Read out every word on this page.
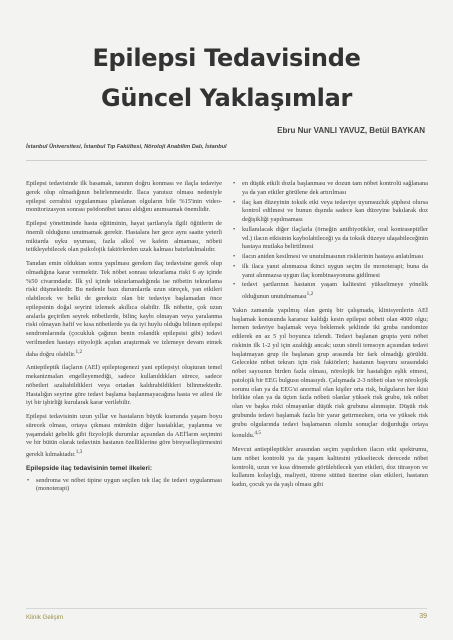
Epilepsi Tedavisinde
Güncel Yaklaşımlar
Ebru Nur VANLI YAVUZ, Betül BAYKAN
İstanbul Üniversitesi, İstanbul Tıp Fakültesi, Nöroloji Anabilim Dalı, İstanbul

Epilepsi tedavisinde ilk basamak, tanının doğru konması ve ilaçla tedaviye gerek olup olmadığının belirlenmesidir. İlaca yanıtsız olması nedeniyle epilepsi cerrahisi uygulanması planlanan olguların bile %15'inin video-monitorizasyon sonrası psödonöbet tanısı aldığını anımsamak önemlidir.

Epilepsi yönetiminde hasta eğitiminin, hayat şartlarıyla ilgili öğütlerin de önemli olduğunu unutmamak gerekir. Hastalara her gece aynı saatte yeterli miktarda uyku uyuması, fazla alkol ve kafein almaması, nöbeti tetikleyebilecek olan psikolojik faktörlerden uzak kalması batırlatılmalıdır.

Tanıdan emin olduktan sonra yapılması gereken ilaç tedavisine gerek olup olmadığına karar vermektir. Tek nöbet sonrası tekrarlama riski 6 ay içinde %50 civarındadır. İlk yıl içinde tekrarlamadığında ise nöbetin tekrarlama riski düşmektedir. Bu nedenle bazı durumlarda uzun süreçek, yan etkileri olabilecek ve belki de gereksiz olan bir tedaviye başlamadan önce epilepsinin doğal seyrini izlemek akıllıca olabilir. İlk nöbette, çok uzun aralarla geçirilen seyrek nöbetlerde, bilinç kaybı olmayan veya yaralanma riski olmayan hafif ve kısa nöbetlerde ya da iyi huylu olduğu bilinen epilepsi sendromlarında (çocukluk çağının benin rolandik epilepsisi gibi) tedavi verilmeden hastayı etiyolojik açıdan araştırmak ve izlemeye devam etmek daha doğru olabilir.$^{1,2}$

Antiepileptik ilaçların (AEİ) epileptogenezi yani epilepsiyi oluşturan temel mekanizmaları engelleyemediği, sadece kullanıldıkları sürece, sadece nöbetleri azaltabildikleri veya ortadan kaldırabildikleri bilinmektedir. Hastalığın seyrine göre tedavi başlama başlanmayacağına hasta ve ailesi ile iyi bir işbirliği kurularak karar verilebilir.

Epilepsi tedavisinin uzun yıllar ve hastaların büyük kısmında yaşam boyu sürecek olması, ortaya çıkması mümkün diğer hastalıklar, yaşlanma ve yaşamdaki gebelik gibi fizyolojik durumlar açısından da AEİ'ların seçimini ve bir bütün olarak tedavinin hastanın özelliklerine göre bireyselleştirmesini gerekli kılmaktadır.$^{1,3}$

Epilepside ilaç tedavisinin temel ilkeleri:
• sendroma ve nöbet tipine uygun seçilen tek ilaç ile tedavi uygulanması (monoterapi)
• en düşük etkili dozla başlanması ve dozun tam nöbet kontrolü sağlanana ya da yan etkiler görülene dek artırılması
• ilaç kan düzeyinin toksik etki veya tedaviye uyumsuzluk şüphesi olursa kontrol edilmesi ve bunun dışında sadece kan düzeyine bakılarak doz değişikliği yapılmaması
• kullanılacak diğer ilaçlarla (örneğin antibiyotikler, oral kontraseptifler vd.) ilacın etkisinin kaybolabileceği ya da toksik düzeye ulaşabileceğinin hastaya mutlaka belirtilmesi
• ilacın aniden kesilmesi ve unutulmasının risklerinin hastaya anlatılması
• ilk ilaca yanıt alınmazsa ikinci uygun seçim ile monoterapi; buna da yanıt alınmazsa uygun ilaç kombinasyonuna gidilmesi
• tedavi şartlarının hastanın yaşam kalitesini yükseltmeye yönelik olduğunun unutulmaması$^{1,2}$

Yakın zamanda yapılmış olan geniş bir çalışmada, klinisyenlerin AEİ başlamak konusunda kararsız kaldığı kesin epilepsi nöbeti olan 4000 olgu; hemen tedaviye başlamak veya beklemek şeklinde iki gruba randomize edilerek en az 5 yıl boyunca izlendi. Tedavi başlanan grupta yeni nöbet riskinin ilk 1-2 yıl için azaldığı ancak; uzun süreli temsoyn açısından tedavi başlatmayan grup ile başlanan grup arasında bir fark olmadığı görüldü. Gelecekte nöbet tekrarı için risk faktörleri; hastanın başvuru sırasındaki nöbet sayısının birden fazla olması, nörolojik bir hastalığın eşlik etmesi, patolojik bir EEG bulgusu olmasıydı. Çalışmada 2-3 nöbeti olan ve nörolojik sorunu olan ya da EEG'si anormal olan kişiler orta risk, bulguların her ikisi birlikte olan ya da üçten fazla nöbeti olanlar yüksek risk grubu, tek nöbet olan ve başka riski olmayanlar düşük risk grubuna alınmıştır. Düşük risk grubunda tedavi başlamak fazla bir yarar getirmezken, orta ve yüksek risk grubu olgularında tedavi başlamanın olumlu sonuçlar doğurduğu ortaya konuldu.$^{4,5}$

Mevcut antiepileptikler arasından seçim yapılırken ilacın etki spektrumu, tam nöbet kontrolü ya da yaşam kalitesini yükseltecek derecede nöbet kontrolü, uzun ve kısa dönemde görülebilecek yan etkileri, doz titrasyon ve kullanım kolaylığı, maliyeti, türene sütüsü üzerine olan etkileri, hastanın kadın, çocuk ya da yaşlı olması gibi

Klinik Gelişim	39
